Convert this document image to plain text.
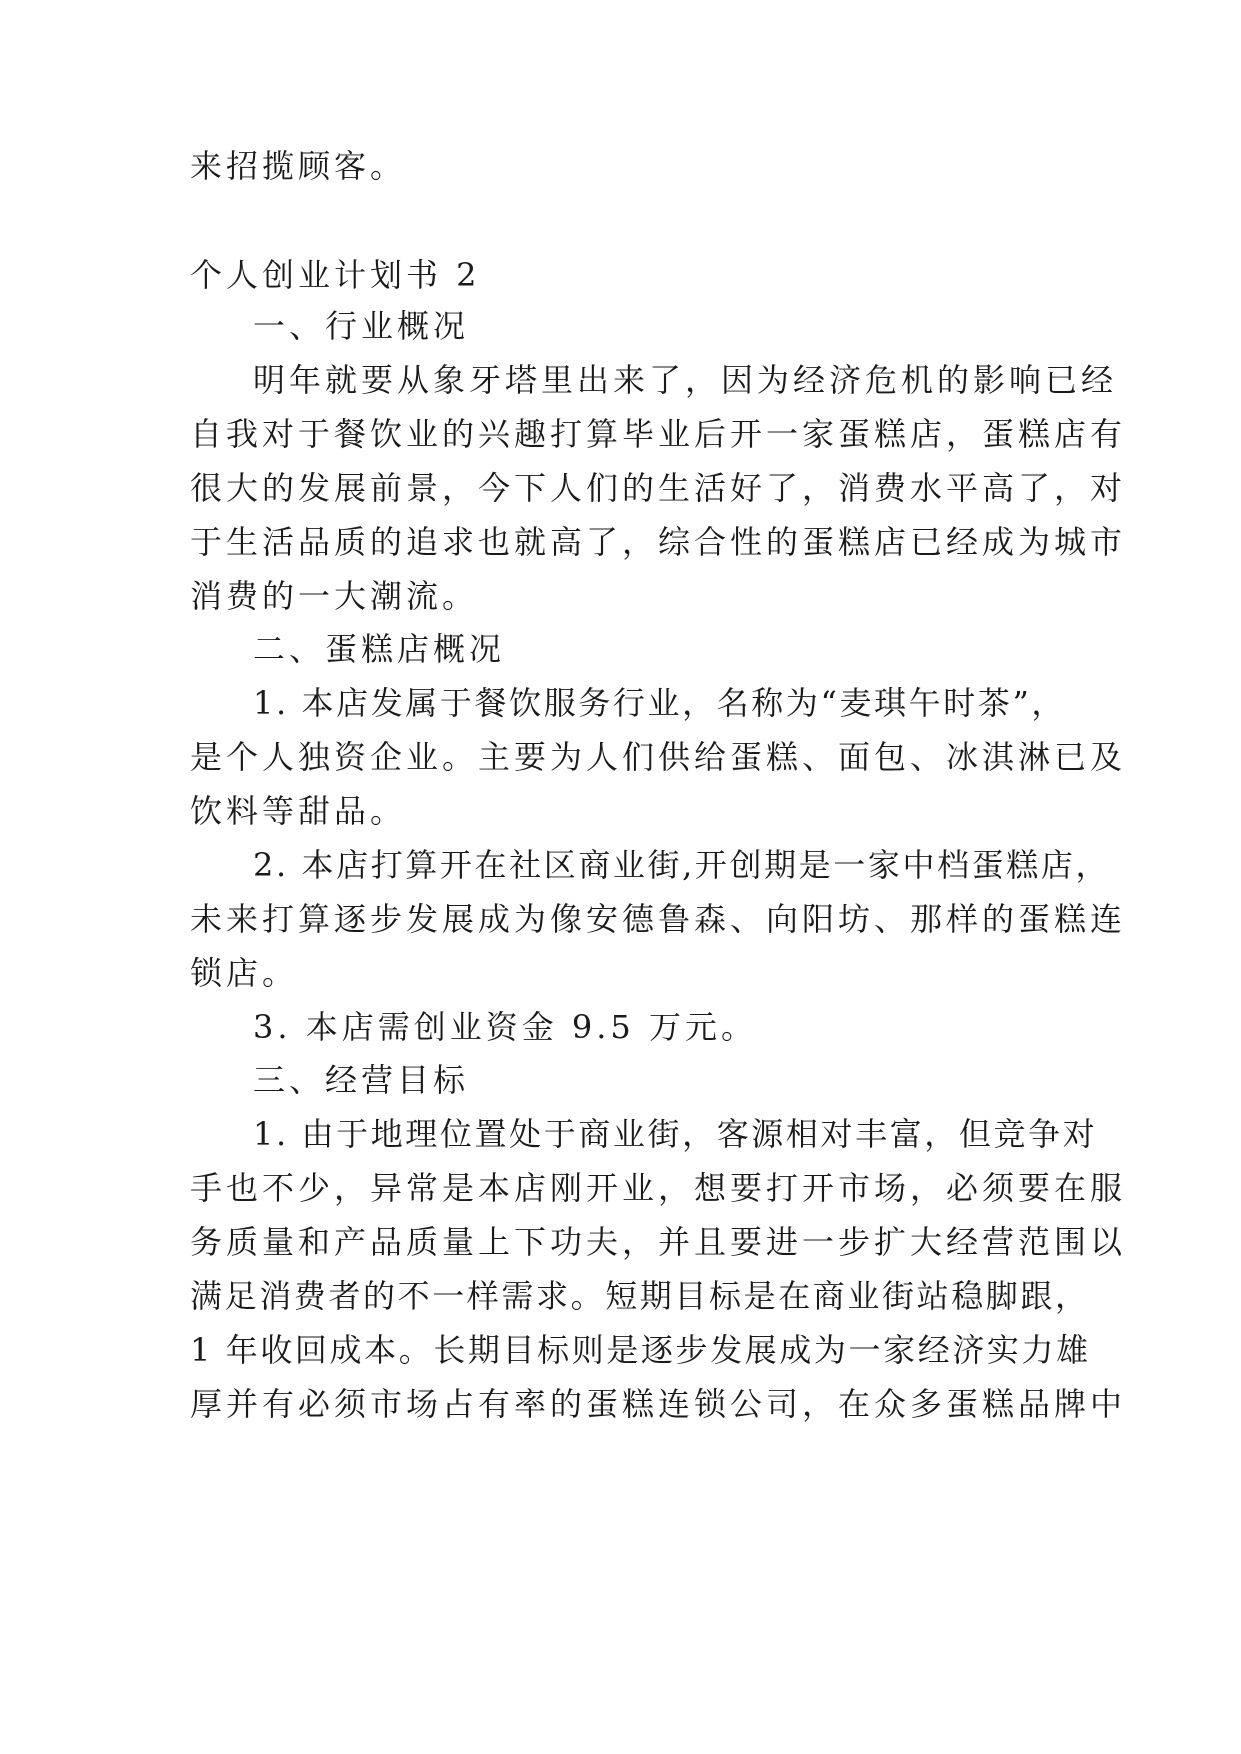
来招揽顾客。
个人创业计划书 2
一、行业概况
明年就要从象牙塔里出来了，因为经济危机的影响已经
自我对于餐饮业的兴趣打算毕业后开一家蛋糕店，蛋糕店有
很大的发展前景，今下人们的生活好了，消费水平高了，对
于生活品质的追求也就高了，综合性的蛋糕店已经成为城市
消费的一大潮流。
二、蛋糕店概况
1. 本店发属于餐饮服务行业，名称为“麦琪午时茶”，
是个人独资企业。主要为人们供给蛋糕、面包、冰淇淋已及
饮料等甜品。
2. 本店打算开在社区商业街,开创期是一家中档蛋糕店，
未来打算逐步发展成为像安德鲁森、向阳坊、那样的蛋糕连
锁店。
3. 本店需创业资金 9.5 万元。
三、经营目标
1. 由于地理位置处于商业街，客源相对丰富，但竞争对
手也不少，异常是本店刚开业，想要打开市场，必须要在服
务质量和产品质量上下功夫，并且要进一步扩大经营范围以
满足消费者的不一样需求。短期目标是在商业街站稳脚跟，
1 年收回成本。长期目标则是逐步发展成为一家经济实力雄
厚并有必须市场占有率的蛋糕连锁公司，在众多蛋糕品牌中
